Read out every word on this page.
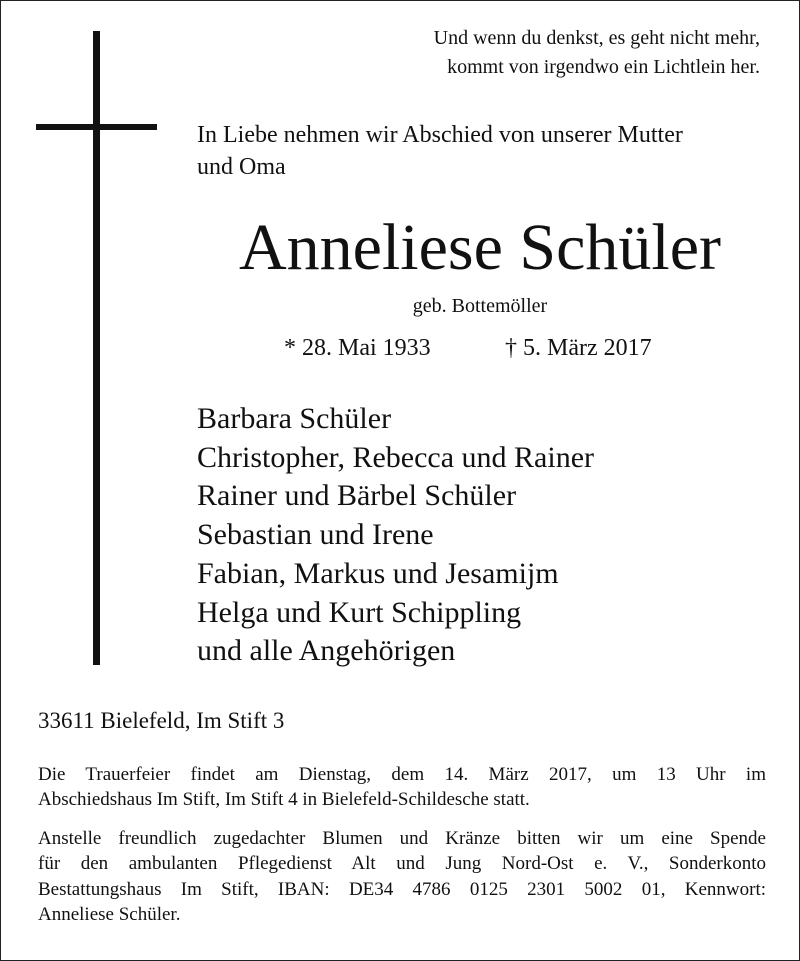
Und wenn du denkst, es geht nicht mehr,
kommt von irgendwo ein Lichtlein her.
In Liebe nehmen wir Abschied von unserer Mutter
und Oma
Anneliese Schüler
geb. Bottemöller
* 28. Mai 1933	† 5. März 2017
Barbara Schüler
Christopher, Rebecca und Rainer
Rainer und Bärbel Schüler
Sebastian und Irene
Fabian, Markus und Jesamijm
Helga und Kurt Schippling
und alle Angehörigen
33611 Bielefeld, Im Stift 3
Die Trauerfeier findet am Dienstag, dem 14. März 2017, um 13 Uhr im
Abschiedshaus Im Stift, Im Stift 4 in Bielefeld-Schildesche statt.
Anstelle freundlich zugedachter Blumen und Kränze bitten wir um eine Spende
für den ambulanten Pflegedienst Alt und Jung Nord-Ost e. V., Sonderkonto
Bestattungshaus Im Stift, IBAN: DE34 4786 0125 2301 5002 01, Kennwort:
Anneliese Schüler.
